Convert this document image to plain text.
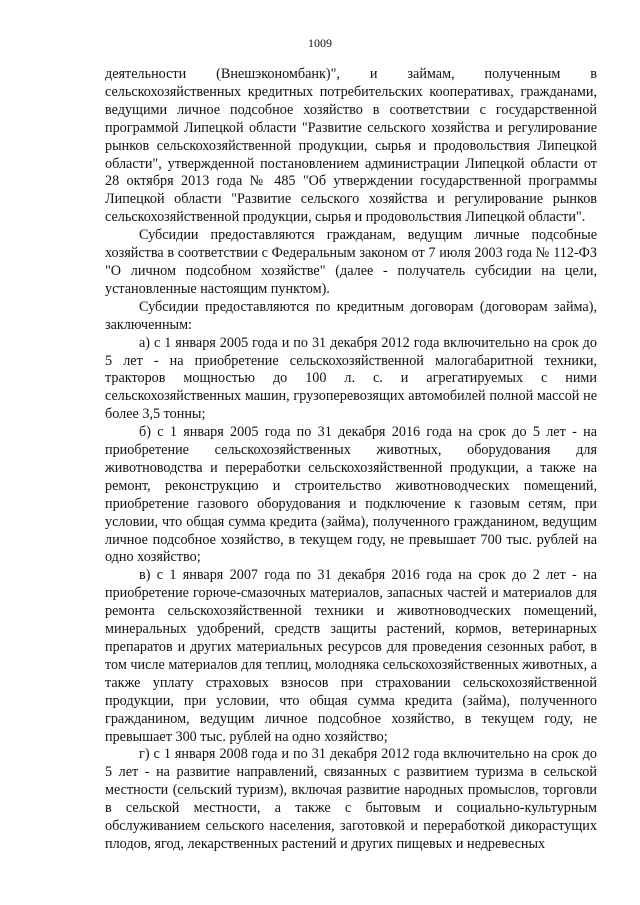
1009

деятельности (Внешэкономбанк)", и займам, полученным в сельскохозяйственных кредитных потребительских кооперативах, гражданами, ведущими личное подсобное хозяйство в соответствии с государственной программой Липецкой области "Развитие сельского хозяйства и регулирование рынков сельскохозяйственной продукции, сырья и продовольствия Липецкой области", утвержденной постановлением администрации Липецкой области от 28 октября 2013 года № 485 "Об утверждении государственной программы Липецкой области "Развитие сельского хозяйства и регулирование рынков сельскохозяйственной продукции, сырья и продовольствия Липецкой области".

Субсидии предоставляются гражданам, ведущим личные подсобные хозяйства в соответствии с Федеральным законом от 7 июля 2003 года № 112-ФЗ "О личном подсобном хозяйстве" (далее - получатель субсидии на цели, установленные настоящим пунктом).

Субсидии предоставляются по кредитным договорам (договорам займа), заключенным:

а) с 1 января 2005 года и по 31 декабря 2012 года включительно на срок до 5 лет - на приобретение сельскохозяйственной малогабаритной техники, тракторов мощностью до 100 л. с. и агрегатируемых с ними сельскохозяйственных машин, грузоперевозящих автомобилей полной массой не более 3,5 тонны;

б) с 1 января 2005 года по 31 декабря 2016 года на срок до 5 лет - на приобретение сельскохозяйственных животных, оборудования для животноводства и переработки сельскохозяйственной продукции, а также на ремонт, реконструкцию и строительство животноводческих помещений, приобретение газового оборудования и подключение к газовым сетям, при условии, что общая сумма кредита (займа), полученного гражданином, ведущим личное подсобное хозяйство, в текущем году, не превышает 700 тыс. рублей на одно хозяйство;

в) с 1 января 2007 года по 31 декабря 2016 года на срок до 2 лет - на приобретение горюче-смазочных материалов, запасных частей и материалов для ремонта сельскохозяйственной техники и животноводческих помещений, минеральных удобрений, средств защиты растений, кормов, ветеринарных препаратов и других материальных ресурсов для проведения сезонных работ, в том числе материалов для теплиц, молодняка сельскохозяйственных животных, а также уплату страховых взносов при страховании сельскохозяйственной продукции, при условии, что общая сумма кредита (займа), полученного гражданином, ведущим личное подсобное хозяйство, в текущем году, не превышает 300 тыс. рублей на одно хозяйство;

г) с 1 января 2008 года и по 31 декабря 2012 года включительно на срок до 5 лет - на развитие направлений, связанных с развитием туризма в сельской местности (сельский туризм), включая развитие народных промыслов, торговли в сельской местности, а также с бытовым и социально-культурным обслуживанием сельского населения, заготовкой и переработкой дикорастущих плодов, ягод, лекарственных растений и других пищевых и недревесных
